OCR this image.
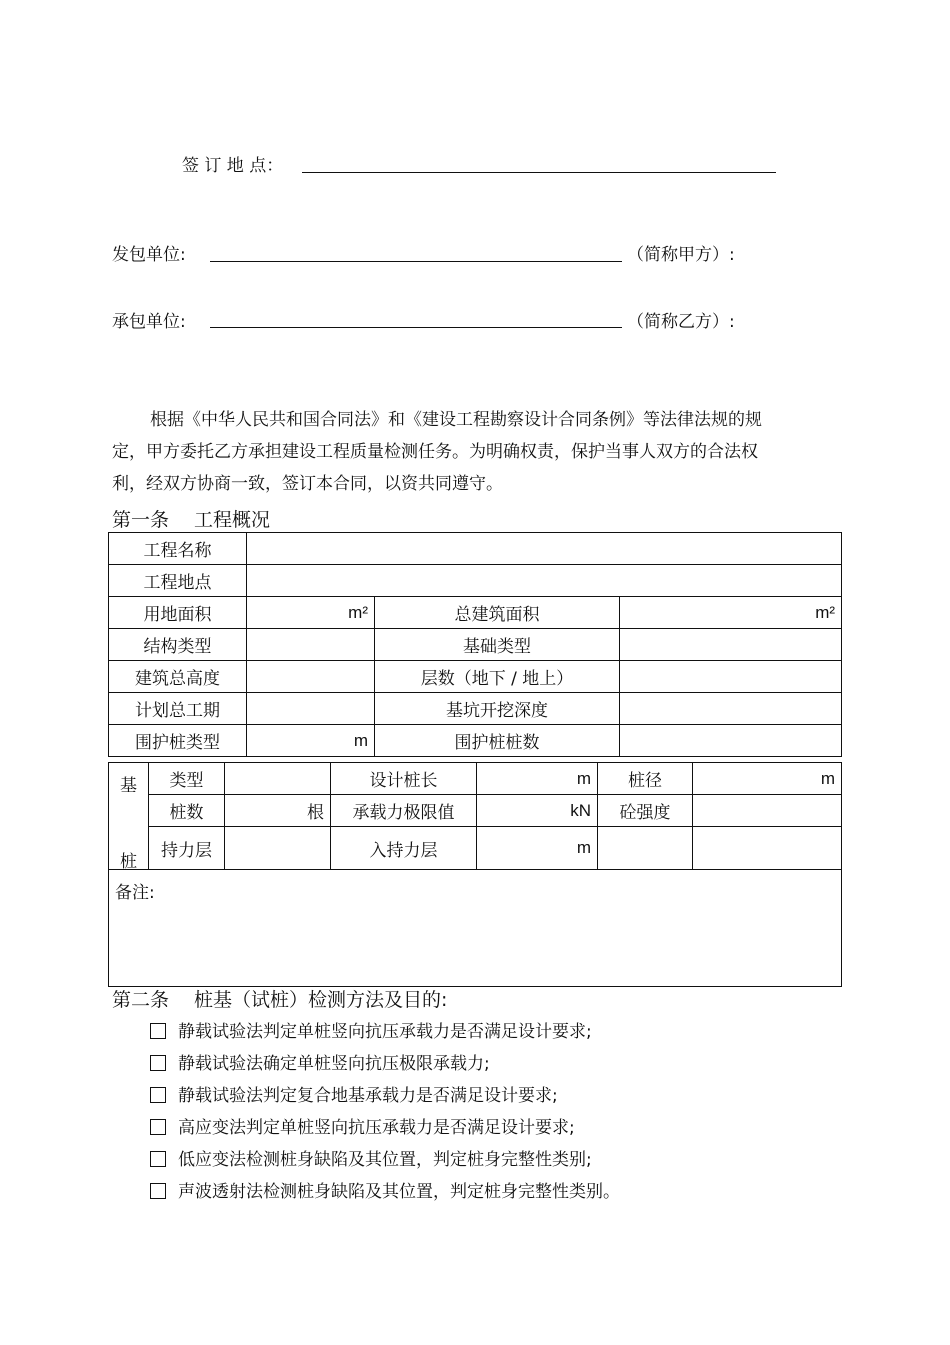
签 订 地 点：
发包单位:	（简称甲方）:
承包单位:	（简称乙方）:
根据《中华人民共和国合同法》和《建设工程勘察设计合同条例》等法律法规的规
定，甲方委托乙方承担建设工程质量检测任务。为明确权责，保护当事人双方的合法权
利，经双方协商一致，签订本合同，以资共同遵守。
第一条　 工程概况
工程名称			
工程地点			
用地面积	m²	总建筑面积	m²
结构类型		基础类型	
建筑总高度		层数（地下 / 地上）	
计划总工期		基坑开挖深度	
围护桩类型	m	围护桩桩数	
基
桩	类型		设计桩长	m	桩径	m
	桩数	根	承载力极限值	kN	砼强度	
	持力层		入持力层	m		
备注:						
第二条　 桩基（试桩）检测方法及目的:
静载试验法判定单桩竖向抗压承载力是否满足设计要求;
静载试验法确定单桩竖向抗压极限承载力;
静载试验法判定复合地基承载力是否满足设计要求;
高应变法判定单桩竖向抗压承载力是否满足设计要求;
低应变法检测桩身缺陷及其位置，判定桩身完整性类别;
声波透射法检测桩身缺陷及其位置，判定桩身完整性类别。
